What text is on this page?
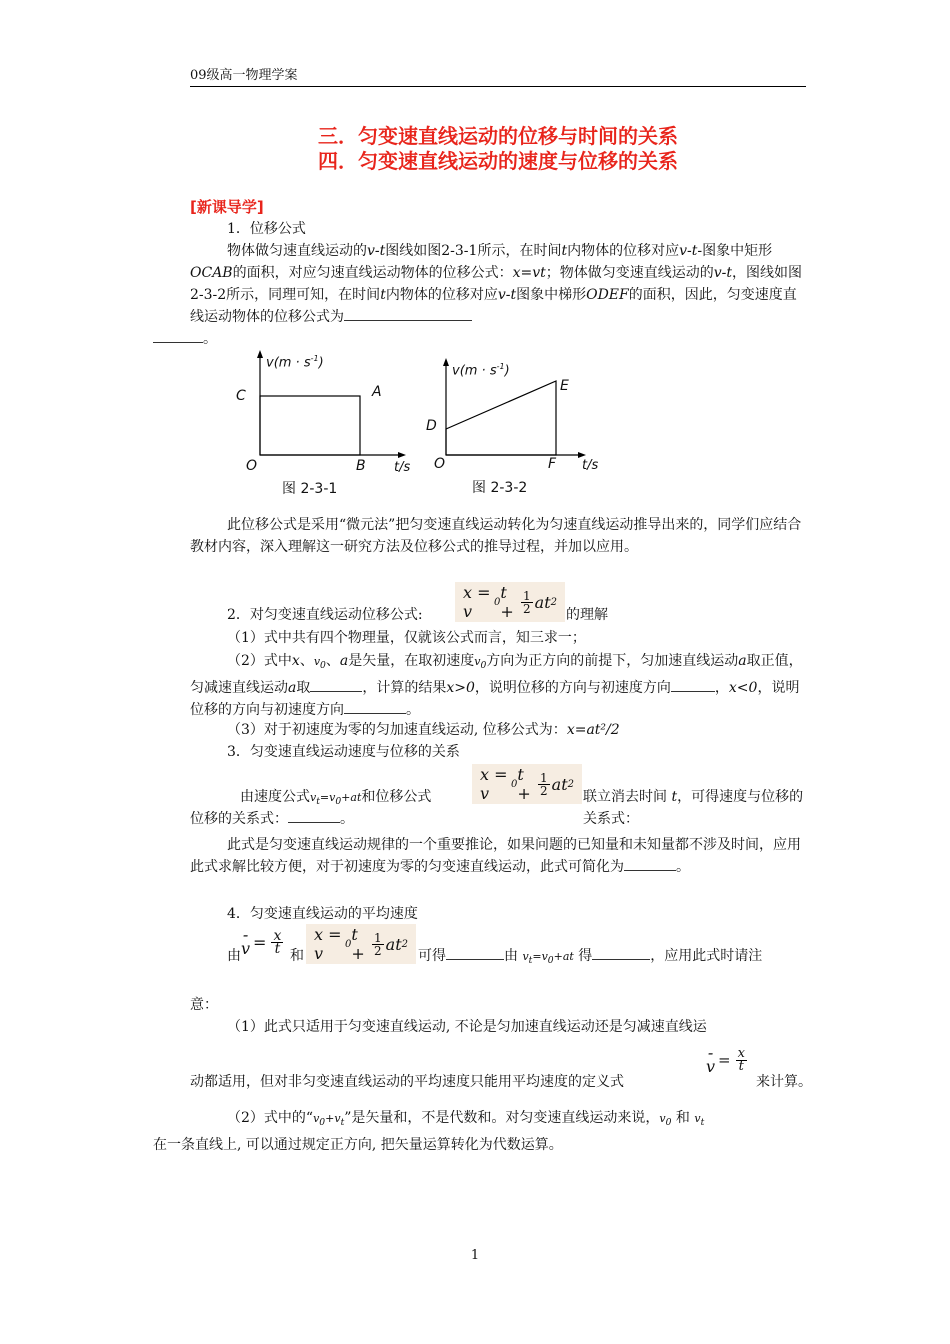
09级高一物理学案
三．匀变速直线运动的位移与时间的关系
四．匀变速直线运动的速度与位移的关系
[新课导学]
1．位移公式
物体做匀速直线运动的v-t图线如图2-3-1所示，在时间t内物体的位移对应v-t-图象中矩形OCAB的面积，对应匀速直线运动物体的位移公式：x=vt；物体做匀变速直线运动的v-t，图线如图2-3-2所示，同理可知，在时间t内物体的位移对应v-t图象中梯形ODEF的面积，因此，匀变速度直线运动物体的位移公式为
。
$v(m \cdot s^{-1})$
C	A
O	B t/s
图 2-3-1
$v(m \cdot s^{-1})$
D
E
O	F t/s
图 2-3-2
此位移公式是采用“微元法”把匀变速直线运动转化为匀速直线运动推导出来的，同学们应结合教材内容，深入理解这一研究方法及位移公式的推导过程，并加以应用。
2．对匀变速直线运动位移公式:
x = v	0 $t + \frac{1}{2}$ at 2
的理解
（1）式中共有四个物理量，仅就该公式而言，知三求一；
（2）式中x、$v_0$、a是矢量，在取初速度$v_0$方向为正方向的前提下，匀加速直线运动a取正值，匀减速直线运动a取	，计算的结果x>0，说明位移的方向与初速度方向	，x<0，说明位移的方向与初速度方向	。
（3）对于初速度为零的匀加速直线运动, 位移公式为：x=at²/2
3．匀变速直线运动速度与位移的关系
由速度公式$v_t=v_0+at$和位移公式
x = v	0 $t + \frac{1}{2}$ at 2
联立消去时间 t，可得速度与位移的关系式：
位移的关系式：	。
此式是匀变速直线运动规律的一个重要推论，如果问题的已知量和未知量都不涉及时间，应用此式求解比较方便，对于初速度为零的匀变速直线运动，此式可简化为	。
4．匀变速直线运动的平均速度
由
-
$v = \frac{x}{t}$
和
x = v	0 $t + \frac{1}{2}$ at 2
可得	由 $v_t=v_0+at$ 得	，应用此式时请注
意：
（1）此式只适用于匀变速直线运动, 不论是匀加速直线运动还是匀减速直线运
动都适用，但对非匀变速直线运动的平均速度只能用平均速度的定义式
-
$v = \frac{x}{t}$
来计算。
（2）式中的“$v_0+v_t$”是矢量和，不是代数和。对匀变速直线运动来说，$v_0$ 和 $v_t$
在一条直线上, 可以通过规定正方向, 把矢量运算转化为代数运算。
1
